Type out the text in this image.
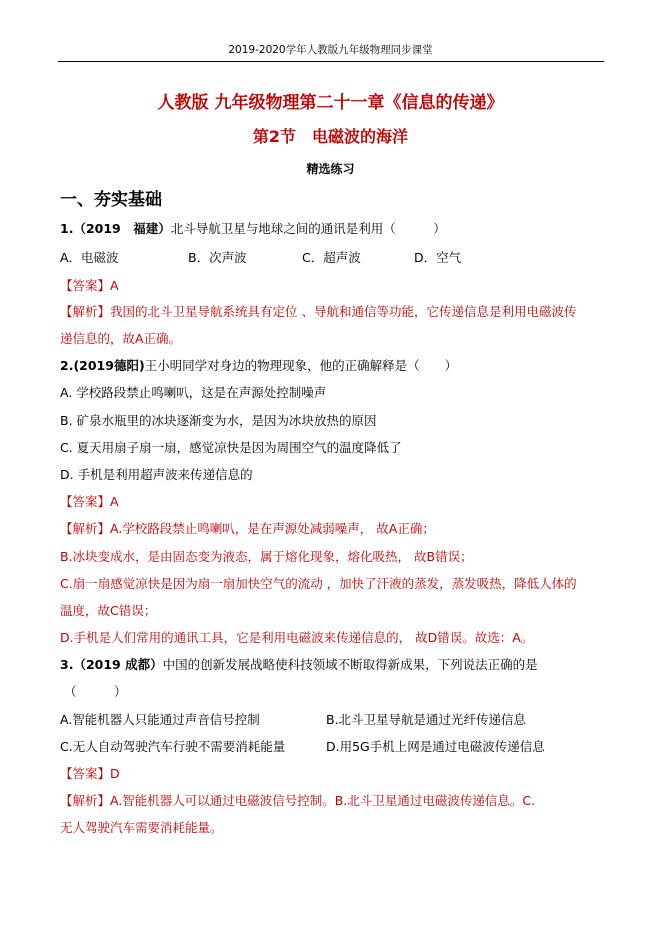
2019-2020学年人教版九年级物理同步课堂
人教版 九年级物理第二十一章《信息的传递》
第2节　电磁波的海洋
精选练习
一、夯实基础
1.（2019　福建）北斗导航卫星与地球之间的通讯是利用（　　　）
A．电磁波	B．次声波	C．超声波	D．空气
【答案】A
【解析】我国的北斗卫星导航系统具有定位 、导航和通信等功能，它传递信息是利用电磁波传
递信息的，故A正确。
2.(2019德阳)王小明同学对身边的物理现象，他的正确解释是（　　）
A. 学校路段禁止鸣喇叭，这是在声源处控制噪声
B. 矿泉水瓶里的冰块逐渐变为水，是因为冰块放热的原因
C. 夏天用扇子扇一扇，感觉凉快是因为周围空气的温度降低了
D. 手机是利用超声波来传递信息的
【答案】A
【解析】A.学校路段禁止鸣喇叭，是在声源处减弱噪声， 故A正确；
B.冰块变成水，是由固态变为液态，属于熔化现象，熔化吸热， 故B错误；
C.扇一扇感觉凉快是因为扇一扇加快空气的流动 ，加快了汗液的蒸发，蒸发吸热，降低人体的
温度，故C错误；
D.手机是人们常用的通讯工具，它是利用电磁波来传递信息的， 故D错误。故选：A。
3.（2019 成都）中国的创新发展战略使科技领域不断取得新成果，下列说法正确的是
（　　　）
A.智能机器人只能通过声音信号控制	B.北斗卫星导航是通过光纤传递信息
C.无人自动驾驶汽车行驶不需要消耗能量	D.用5G手机上网是通过电磁波传递信息
【答案】D
【解析】A.智能机器人可以通过电磁波信号控制。B.北斗卫星通过电磁波传递信息。C.
无人驾驶汽车需要消耗能量。
